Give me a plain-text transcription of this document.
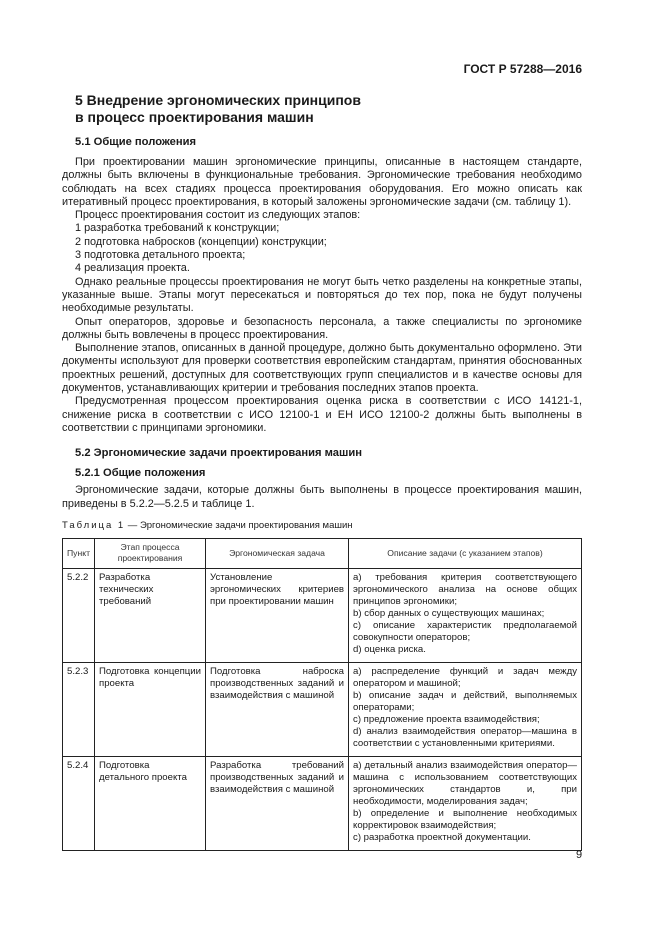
ГОСТ Р 57288—2016
5 Внедрение эргономических принципов
в процесс проектирования машин
5.1 Общие положения

При проектировании машин эргономические принципы, описанные в настоящем стандарте, должны быть включены в функциональные требования. Эргономические требования необходимо соблюдать на всех стадиях процесса проектирования оборудования. Его можно описать как итеративный процесс проектирования, в который заложены эргономические задачи (см. таблицу 1).

Процесс проектирования состоит из следующих этапов:

1 разработка требований к конструкции;
2 подготовка набросков (концепции) конструкции;
3 подготовка детального проекта;
4 реализация проекта.

Однако реальные процессы проектирования не могут быть четко разделены на конкретные этапы, указанные выше. Этапы могут пересекаться и повторяться до тех пор, пока не будут получены необходимые результаты.

Опыт операторов, здоровье и безопасность персонала, а также специалисты по эргономике должны быть вовлечены в процесс проектирования.

Выполнение этапов, описанных в данной процедуре, должно быть документально оформлено. Эти документы используют для проверки соответствия европейским стандартам, принятия обоснованных проектных решений, доступных для соответствующих групп специалистов и в качестве основы для документов, устанавливающих критерии и требования последних этапов проекта.

Предусмотренная процессом проектирования оценка риска в соответствии с ИСО 14121-1, снижение риска в соответствии с ИСО 12100-1 и ЕН ИСО 12100-2 должны быть выполнены в соответствии с принципами эргономики.

5.2 Эргономические задачи проектирования машин
5.2.1 Общие положения

Эргономические задачи, которые должны быть выполнены в процессе проектирования машин, приведены в 5.2.2—5.2.5 и таблице 1.

Таблица 1 — Эргономические задачи проектирования машин
Пункт	Этап процесса проектирования	Эргономическая задача	Описание задачи (с указанием этапов)
5.2.2	Разработка технических требований	Установление эргономических критериев при проектировании машин	a) требования критерия соответствующего эргономического анализа на основе общих принципов эргономики;
b) сбор данных о существующих машинах;
c) описание характеристик предполагаемой совокупности операторов;
d) оценка риска.

5.2.3	Подготовка концепции проекта	Подготовка наброска производственных заданий и взаимодействия с машиной	a) распределение функций и задач между оператором и машиной;
b) описание задач и действий, выполняемых операторами;
c) предложение проекта взаимодействия;
d) анализ взаимодействия оператор—машина в соответствии с установленными критериями.

5.2.4	Подготовка детального проекта	Разработка требований производственных заданий и взаимодействия с машиной	a) детальный анализ взаимодействия оператор—машина с использованием соответствующих эргономических стандартов и, при необходимости, моделирования задач;
b) определение и выполнение необходимых корректировок взаимодействия;
c) разработка проектной документации.
9
